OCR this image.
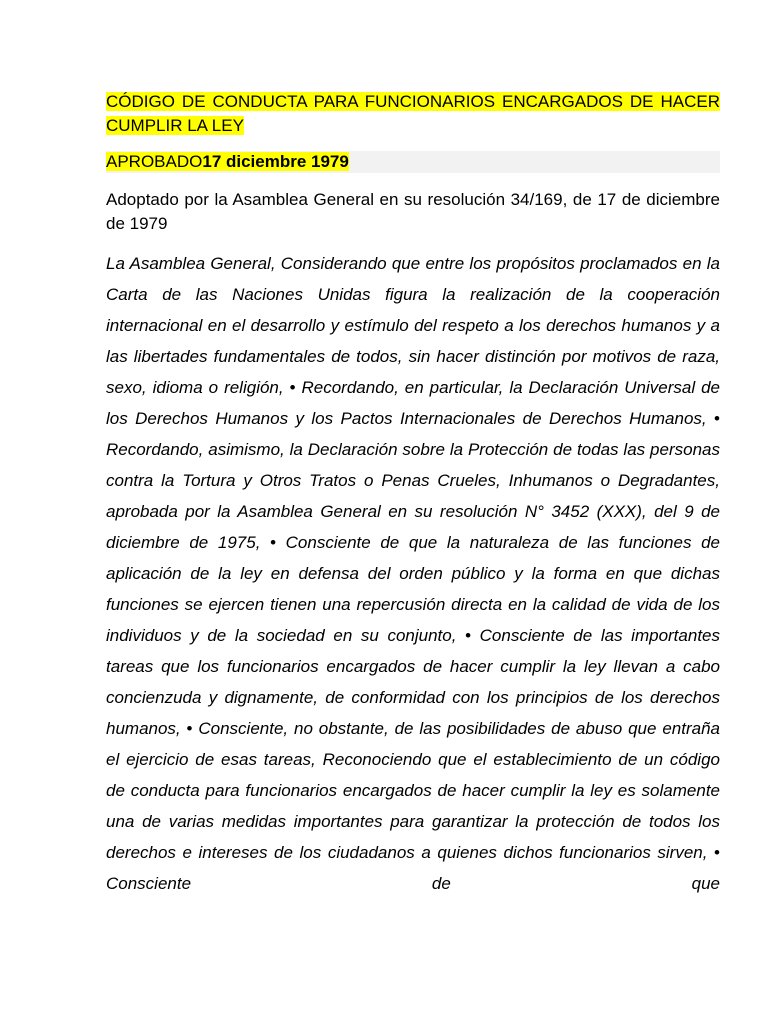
CÓDIGO DE CONDUCTA PARA FUNCIONARIOS ENCARGADOS DE HACER CUMPLIR LA LEY

APROBADO17 diciembre 1979

Adoptado por la Asamblea General en su resolución 34/169, de 17 de diciembre de 1979

La Asamblea General, Considerando que entre los propósitos proclamados en la Carta de las Naciones Unidas figura la realización de la cooperación internacional en el desarrollo y estímulo del respeto a los derechos humanos y a las libertades fundamentales de todos, sin hacer distinción por motivos de raza, sexo, idioma o religión, • Recordando, en particular, la Declaración Universal de los Derechos Humanos y los Pactos Internacionales de Derechos Humanos, • Recordando, asimismo, la Declaración sobre la Protección de todas las personas contra la Tortura y Otros Tratos o Penas Crueles, Inhumanos o Degradantes, aprobada por la Asamblea General en su resolución N° 3452 (XXX), del 9 de diciembre de 1975, • Consciente de que la naturaleza de las funciones de aplicación de la ley en defensa del orden público y la forma en que dichas funciones se ejercen tienen una repercusión directa en la calidad de vida de los individuos y de la sociedad en su conjunto, • Consciente de las importantes tareas que los funcionarios encargados de hacer cumplir la ley llevan a cabo concienzuda y dignamente, de conformidad con los principios de los derechos humanos, • Consciente, no obstante, de las posibilidades de abuso que entraña el ejercicio de esas tareas, Reconociendo que el establecimiento de un código de conducta para funcionarios encargados de hacer cumplir la ley es solamente una de varias medidas importantes para garantizar la protección de todos los derechos e intereses de los ciudadanos a quienes dichos funcionarios sirven, • Consciente de que
